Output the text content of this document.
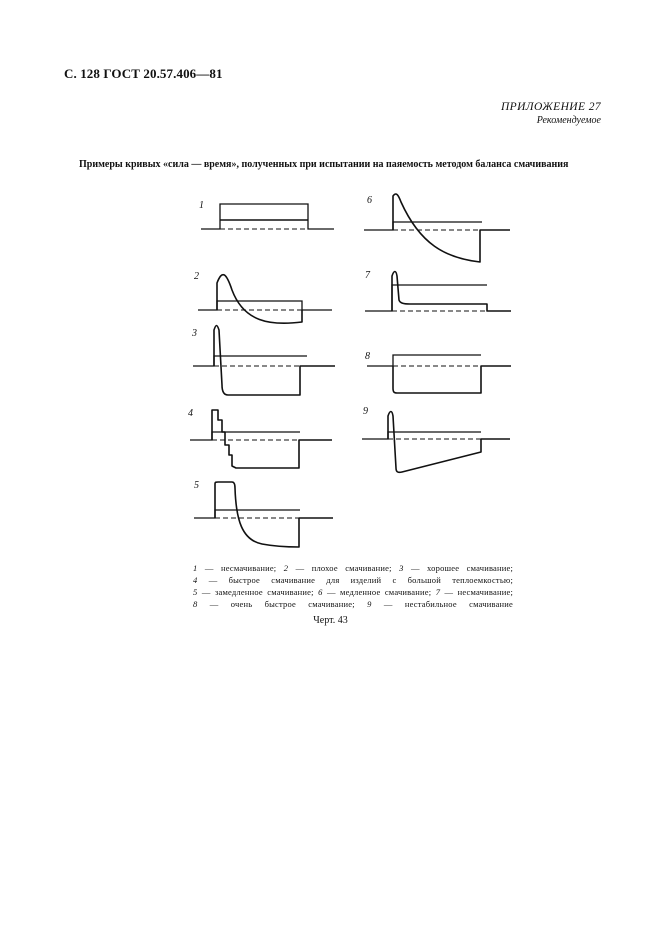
С. 128 ГОСТ 20.57.406—81
ПРИЛОЖЕНИЕ 27
Рекомендуемое
Примеры кривых «сила — время», полученных при испытании на паяемость методом баланса смачивания
1
2
3
4
5
6
7
8
9
1 — несмачивание; 2 — плохое смачивание; 3 — хорошее смачивание;
4 — быстрое смачивание для изделий с большой теплоемкостью;
5 — замедленное смачивание; 6 — медленное смачивание; 7 — несмачивание;
8 — очень быстрое смачивание; 9 — нестабильное смачивание
Черт. 43
